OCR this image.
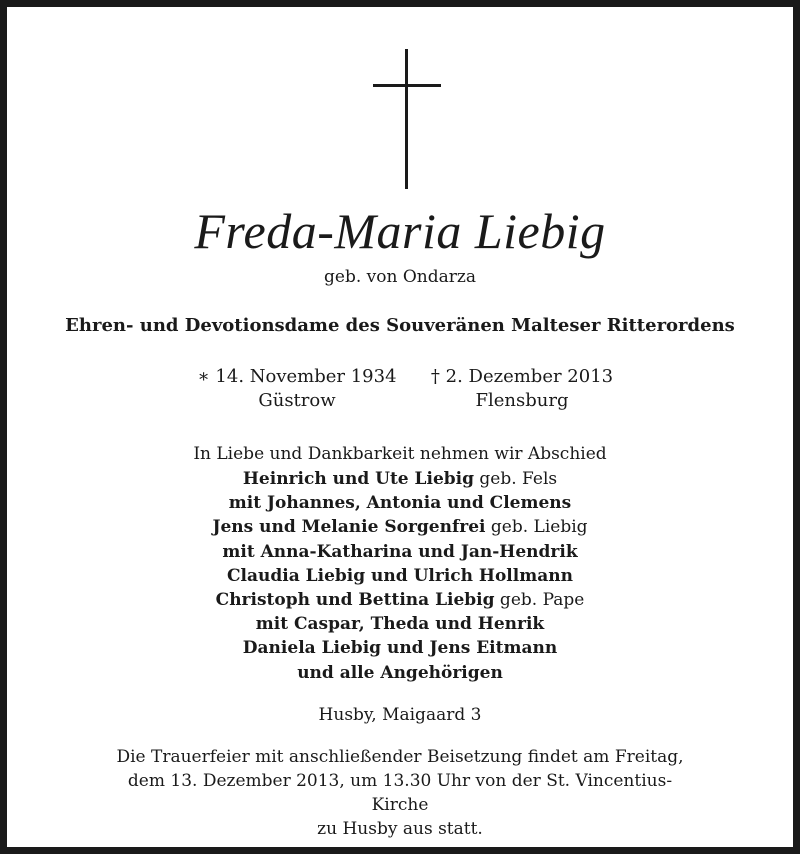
Freda-Maria Liebig
geb. von Ondarza
Ehren- und Devotionsdame des Souveränen Malteser Ritterordens
∗ 14. November 1934
Güstrow
† 2. Dezember 2013
Flensburg
In Liebe und Dankbarkeit nehmen wir Abschied
Heinrich und Ute Liebig geb. Fels
mit Johannes, Antonia und Clemens
Jens und Melanie Sorgenfrei geb. Liebig
mit Anna-Katharina und Jan-Hendrik
Claudia Liebig und Ulrich Hollmann
Christoph und Bettina Liebig geb. Pape
mit Caspar, Theda und Henrik
Daniela Liebig und Jens Eitmann
und alle Angehörigen
Husby, Maigaard 3
Die Trauerfeier mit anschließender Beisetzung findet am Freitag,
dem 13. Dezember 2013, um 13.30 Uhr von der St. Vincentius-Kirche
zu Husby aus statt.
